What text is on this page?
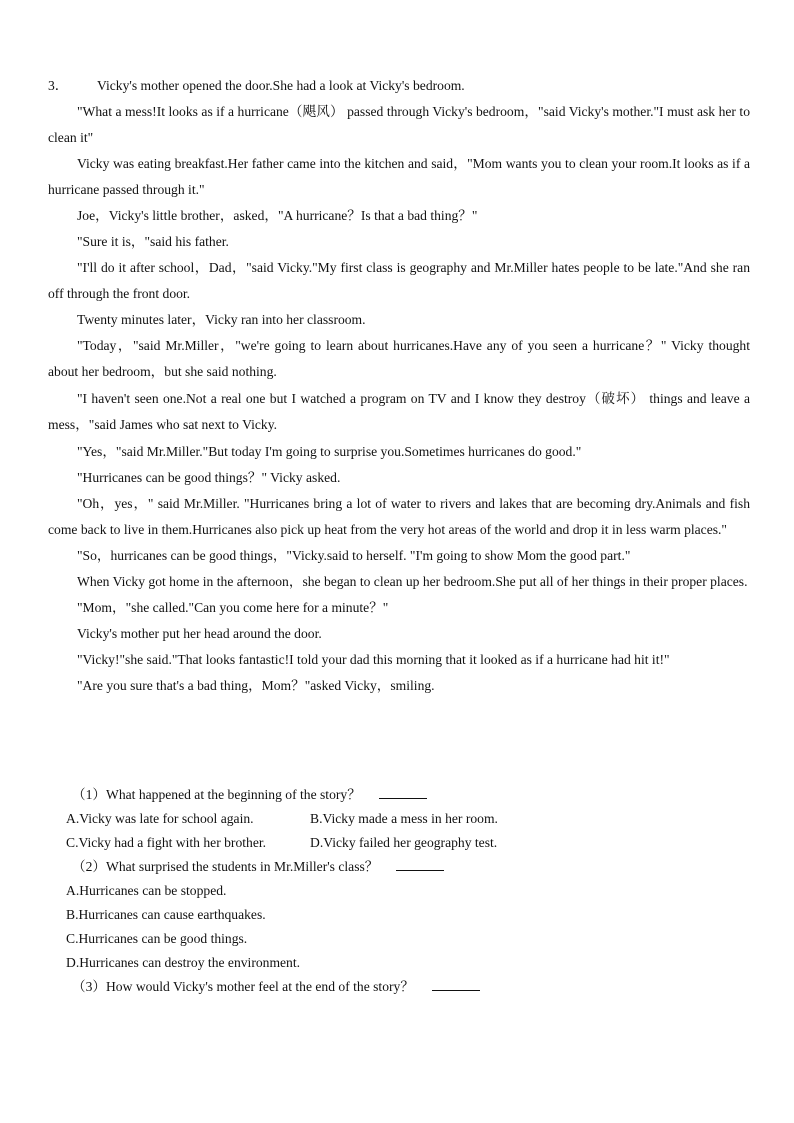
3． Vicky's mother opened the door.She had a look at Vicky's bedroom.

"What a mess!It looks as if a hurricane（飓风） passed through Vicky's bedroom，"said Vicky's mother."I must ask her to clean it"

Vicky was eating breakfast.Her father came into the kitchen and said，"Mom wants you to clean your room.It looks as if a hurricane passed through it."

Joe，Vicky's little brother，asked，"A hurricane？Is that a bad thing？"

"Sure it is，"said his father.

"I'll do it after school，Dad，"said Vicky."My first class is geography and Mr.Miller hates people to be late."And she ran off through the front door.

Twenty minutes later，Vicky ran into her classroom.

"Today，"said Mr.Miller，"we're going to learn about hurricanes.Have any of you seen a hurricane？" Vicky thought about her bedroom，but she said nothing.

"I haven't seen one.Not a real one but I watched a program on TV and I know they destroy（破坏） things and leave a mess，"said James who sat next to Vicky.

"Yes，"said Mr.Miller."But today I'm going to surprise you.Sometimes hurricanes do good."

"Hurricanes can be good things？" Vicky asked.

"Oh，yes，" said Mr.Miller. "Hurricanes bring a lot of water to rivers and lakes that are becoming dry.Animals and fish come back to live in them.Hurricanes also pick up heat from the very hot areas of the world and drop it in less warm places."

"So，hurricanes can be good things，"Vicky.said to herself. "I'm going to show Mom the good part."

When Vicky got home in the afternoon，she began to clean up her bedroom.She put all of her things in their proper places.

"Mom，"she called."Can you come here for a minute？"

Vicky's mother put her head around the door.

"Vicky!"she said."That looks fantastic!I told your dad this morning that it looked as if a hurricane had hit it!"

"Are you sure that's a bad thing，Mom？"asked Vicky，smiling.

（1）What happened at the beginning of the story？

A.Vicky was late for school again.	B.Vicky made a mess in her room.
C.Vicky had a fight with her brother.	D.Vicky failed her geography test.

（2）What surprised the students in Mr.Miller's class？

A.Hurricanes can be stopped.

B.Hurricanes can cause earthquakes.

C.Hurricanes can be good things.

D.Hurricanes can destroy the environment.

（3）How would Vicky's mother feel at the end of the story？
